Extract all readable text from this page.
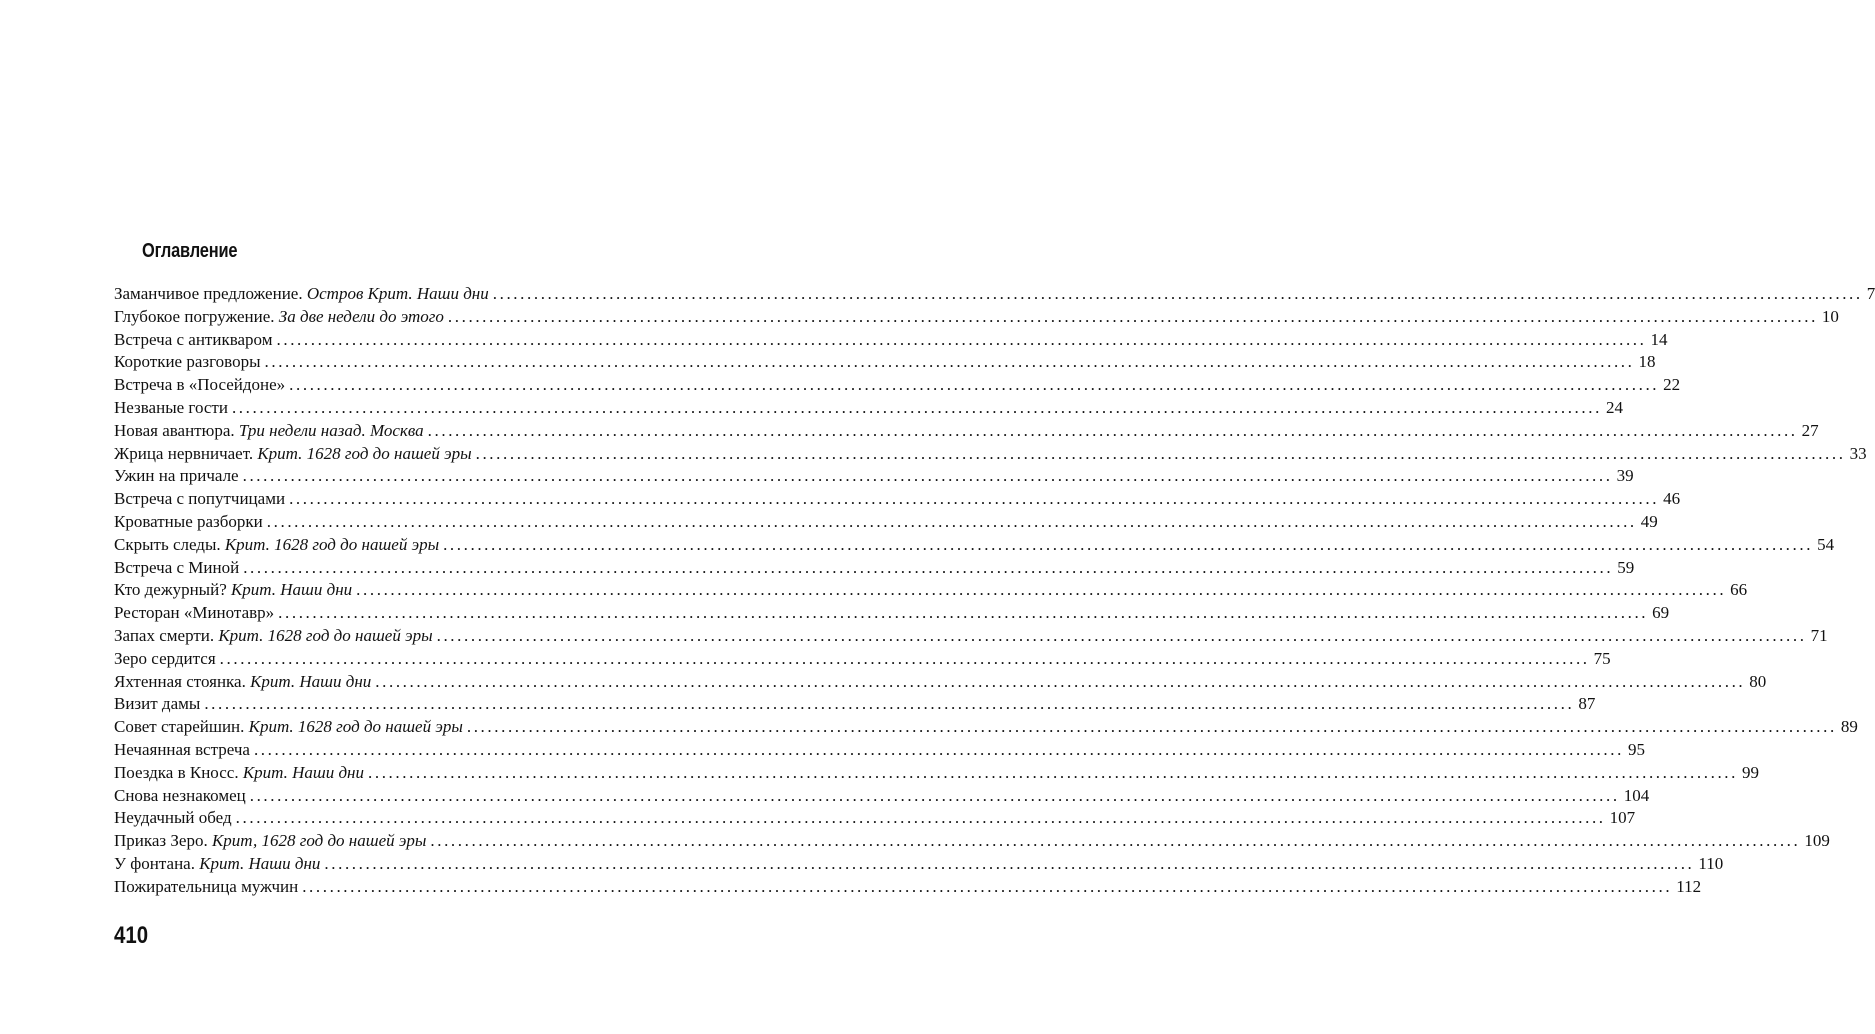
Оглавление
Заманчивое предложение. Остров Крит. Наши дни ........................................................................................................................................................................................................ 7
Глубокое погружение. За две недели до этого ........................................................................................................................................................................................................ 10
Встреча с антикваром ........................................................................................................................................................................................................ 14
Короткие разговоры ........................................................................................................................................................................................................ 18
Встреча в «Посейдоне» ........................................................................................................................................................................................................ 22
Незваные гости ........................................................................................................................................................................................................ 24
Новая авантюра. Три недели назад. Москва ........................................................................................................................................................................................................ 27
Жрица нервничает. Крит. 1628 год до нашей эры ........................................................................................................................................................................................................ 33
Ужин на причале ........................................................................................................................................................................................................ 39
Встреча с попутчицами ........................................................................................................................................................................................................ 46
Кроватные разборки ........................................................................................................................................................................................................ 49
Скрыть следы. Крит. 1628 год до нашей эры ........................................................................................................................................................................................................ 54
Встреча с Миной ........................................................................................................................................................................................................ 59
Кто дежурный? Крит. Наши дни ........................................................................................................................................................................................................ 66
Ресторан «Минотавр» ........................................................................................................................................................................................................ 69
Запах смерти. Крит. 1628 год до нашей эры ........................................................................................................................................................................................................ 71
Зеро сердится ........................................................................................................................................................................................................ 75
Яхтенная стоянка. Крит. Наши дни ........................................................................................................................................................................................................ 80
Визит дамы ........................................................................................................................................................................................................ 87
Совет старейшин. Крит. 1628 год до нашей эры ........................................................................................................................................................................................................ 89
Нечаянная встреча ........................................................................................................................................................................................................ 95
Поездка в Кносс. Крит. Наши дни ........................................................................................................................................................................................................ 99
Снова незнакомец ........................................................................................................................................................................................................ 104
Неудачный обед ........................................................................................................................................................................................................ 107
Приказ Зеро. Крит, 1628 год до нашей эры ........................................................................................................................................................................................................ 109
У фонтана. Крит. Наши дни ........................................................................................................................................................................................................ 110
Пожирательница мужчин ........................................................................................................................................................................................................ 112
410
